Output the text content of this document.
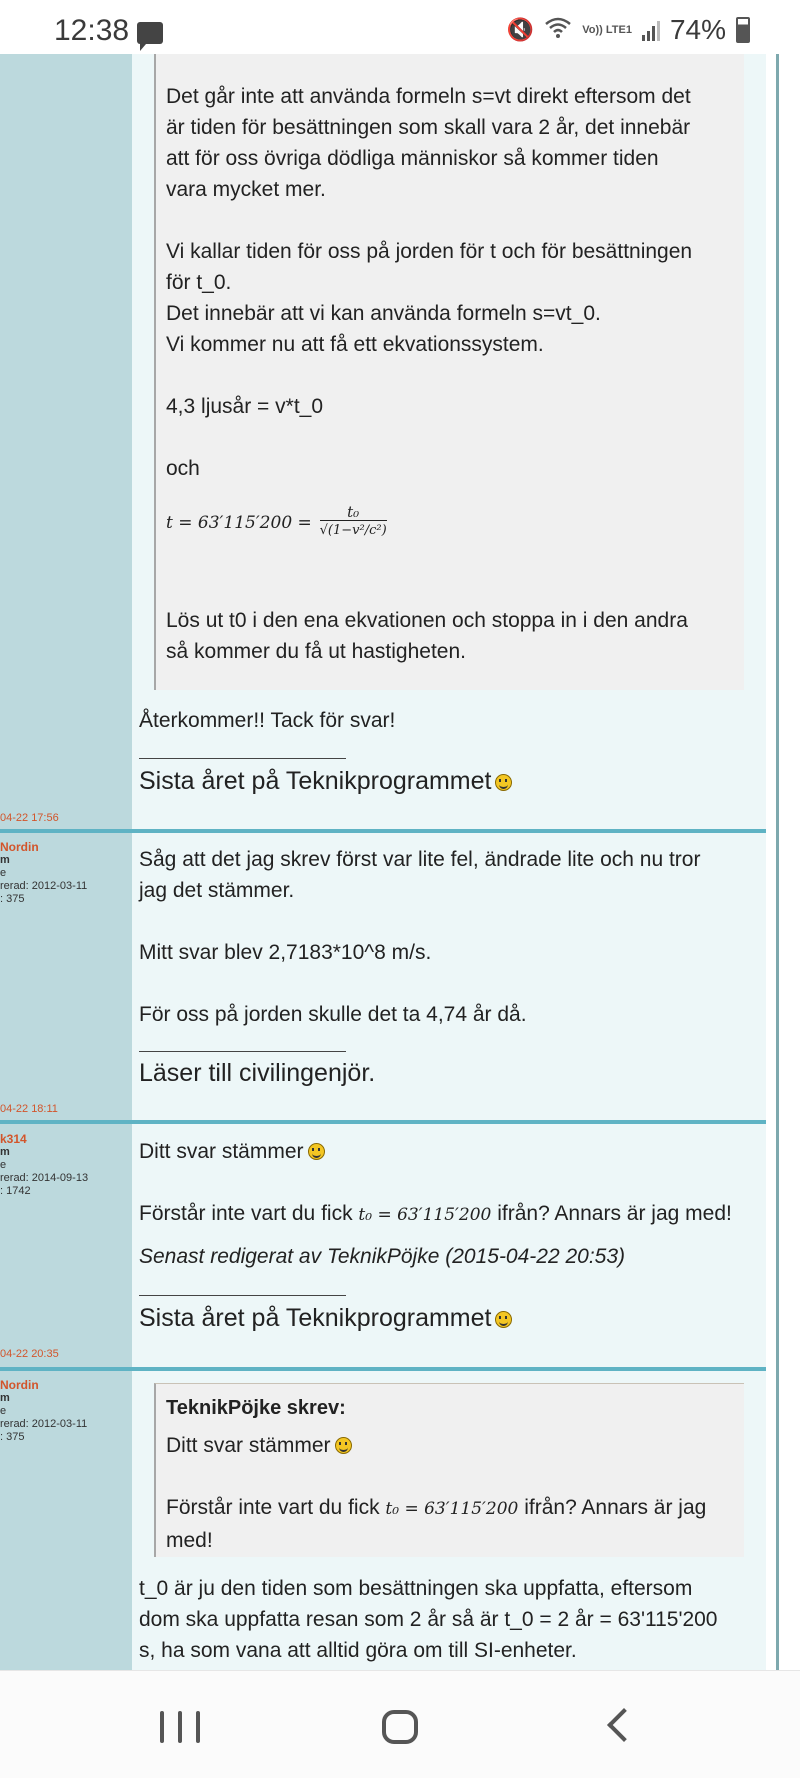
12:38	🔇	Vo)) LTE1 74%
Det går inte att använda formeln s=vt direkt eftersom det
är tiden för besättningen som skall vara 2 år, det innebär
att för oss övriga dödliga människor så kommer tiden
vara mycket mer.
Vi kallar tiden för oss på jorden för t och för besättningen
för t_0.
Det innebär att vi kan använda formeln s=vt_0.
Vi kommer nu att få ett ekvationssystem.
4,3 ljusår = v*t_0
och
$t = 63'115'200 = \frac{\text{t₀}}{\text{√(1−v²/c²)}}$
Lös ut t0 i den ena ekvationen och stoppa in i den andra
så kommer du få ut hastigheten.
Återkommer!! Tack för svar!
Sista året på Teknikprogrammet
04-22 17:56
Nordin
m
e
rerad: 2012-03-11
: 375
Såg att det jag skrev först var lite fel, ändrade lite och nu tror
jag det stämmer.
Mitt svar blev 2,7183*10^8 m/s.
För oss på jorden skulle det ta 4,74 år då.
Läser till civilingenjör.
04-22 18:11
k314
m
e
rerad: 2014-09-13
: 1742
Ditt svar stämmer
Förstår inte vart du fick t₀ = 63′115′200 ifrån? Annars är jag med!
Senast redigerat av TeknikPöjke (2015-04-22 20:53)
Sista året på Teknikprogrammet
04-22 20:35
Nordin
m
e
rerad: 2012-03-11
: 375
TeknikPöjke skrev:
Ditt svar stämmer
Förstår inte vart du fick t₀ = 63′115′200 ifrån? Annars är jag
med!
t_0 är ju den tiden som besättningen ska uppfatta, eftersom
dom ska uppfatta resan som 2 år så är t_0 = 2 år = 63'115'200
s, ha som vana att alltid göra om till SI-enheter.
